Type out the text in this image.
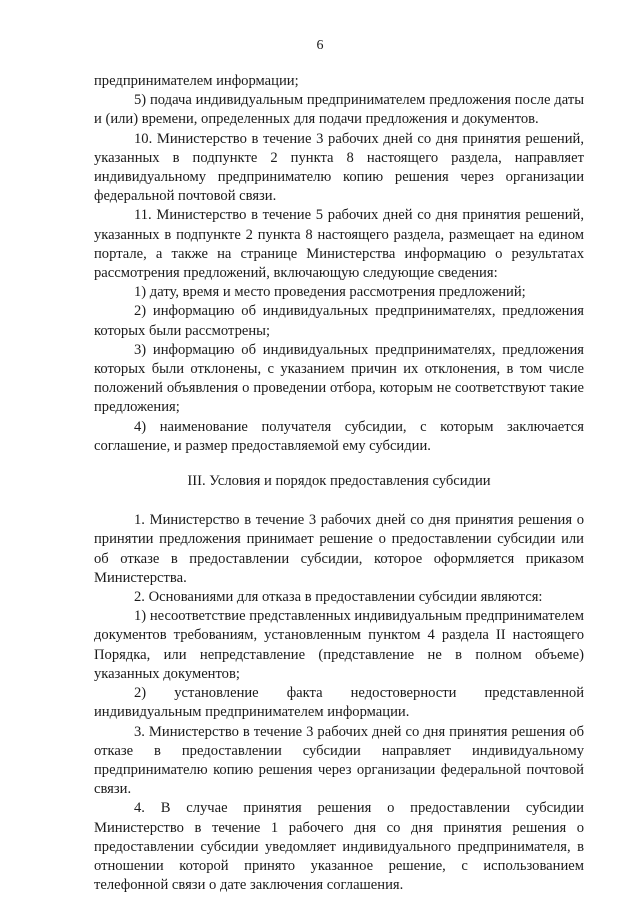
6

предпринимателем информации;

5) подача индивидуальным предпринимателем предложения после даты и (или) времени, определенных для подачи предложения и документов.

10. Министерство в течение 3 рабочих дней со дня принятия решений, указанных в подпункте 2 пункта 8 настоящего раздела, направляет индивидуальному предпринимателю копию решения через организации федеральной почтовой связи.

11. Министерство в течение 5 рабочих дней со дня принятия решений, указанных в подпункте 2 пункта 8 настоящего раздела, размещает на едином портале, а также на странице Министерства информацию о результатах рассмотрения предложений, включающую следующие сведения:

1) дату, время и место проведения рассмотрения предложений;

2) информацию об индивидуальных предпринимателях, предложения которых были рассмотрены;

3) информацию об индивидуальных предпринимателях, предложения которых были отклонены, с указанием причин их отклонения, в том числе положений объявления о проведении отбора, которым не соответствуют такие предложения;

4) наименование получателя субсидии, с которым заключается соглашение, и размер предоставляемой ему субсидии.

III. Условия и порядок предоставления субсидии

1. Министерство в течение 3 рабочих дней со дня принятия решения о принятии предложения принимает решение о предоставлении субсидии или об отказе в предоставлении субсидии, которое оформляется приказом Министерства.

2. Основаниями для отказа в предоставлении субсидии являются:

1) несоответствие представленных индивидуальным предпринимателем документов требованиям, установленным пунктом 4 раздела II настоящего Порядка, или непредставление (представление не в полном объеме) указанных документов;

2) установление факта недостоверности представленной индивидуальным предпринимателем информации.

3. Министерство в течение 3 рабочих дней со дня принятия решения об отказе в предоставлении субсидии направляет индивидуальному предпринимателю копию решения через организации федеральной почтовой связи.

4. В случае принятия решения о предоставлении субсидии Министерство в течение 1 рабочего дня со дня принятия решения о предоставлении субсидии уведомляет индивидуального предпринимателя, в отношении которой принято указанное решение, с использованием телефонной связи о дате заключения соглашения.
